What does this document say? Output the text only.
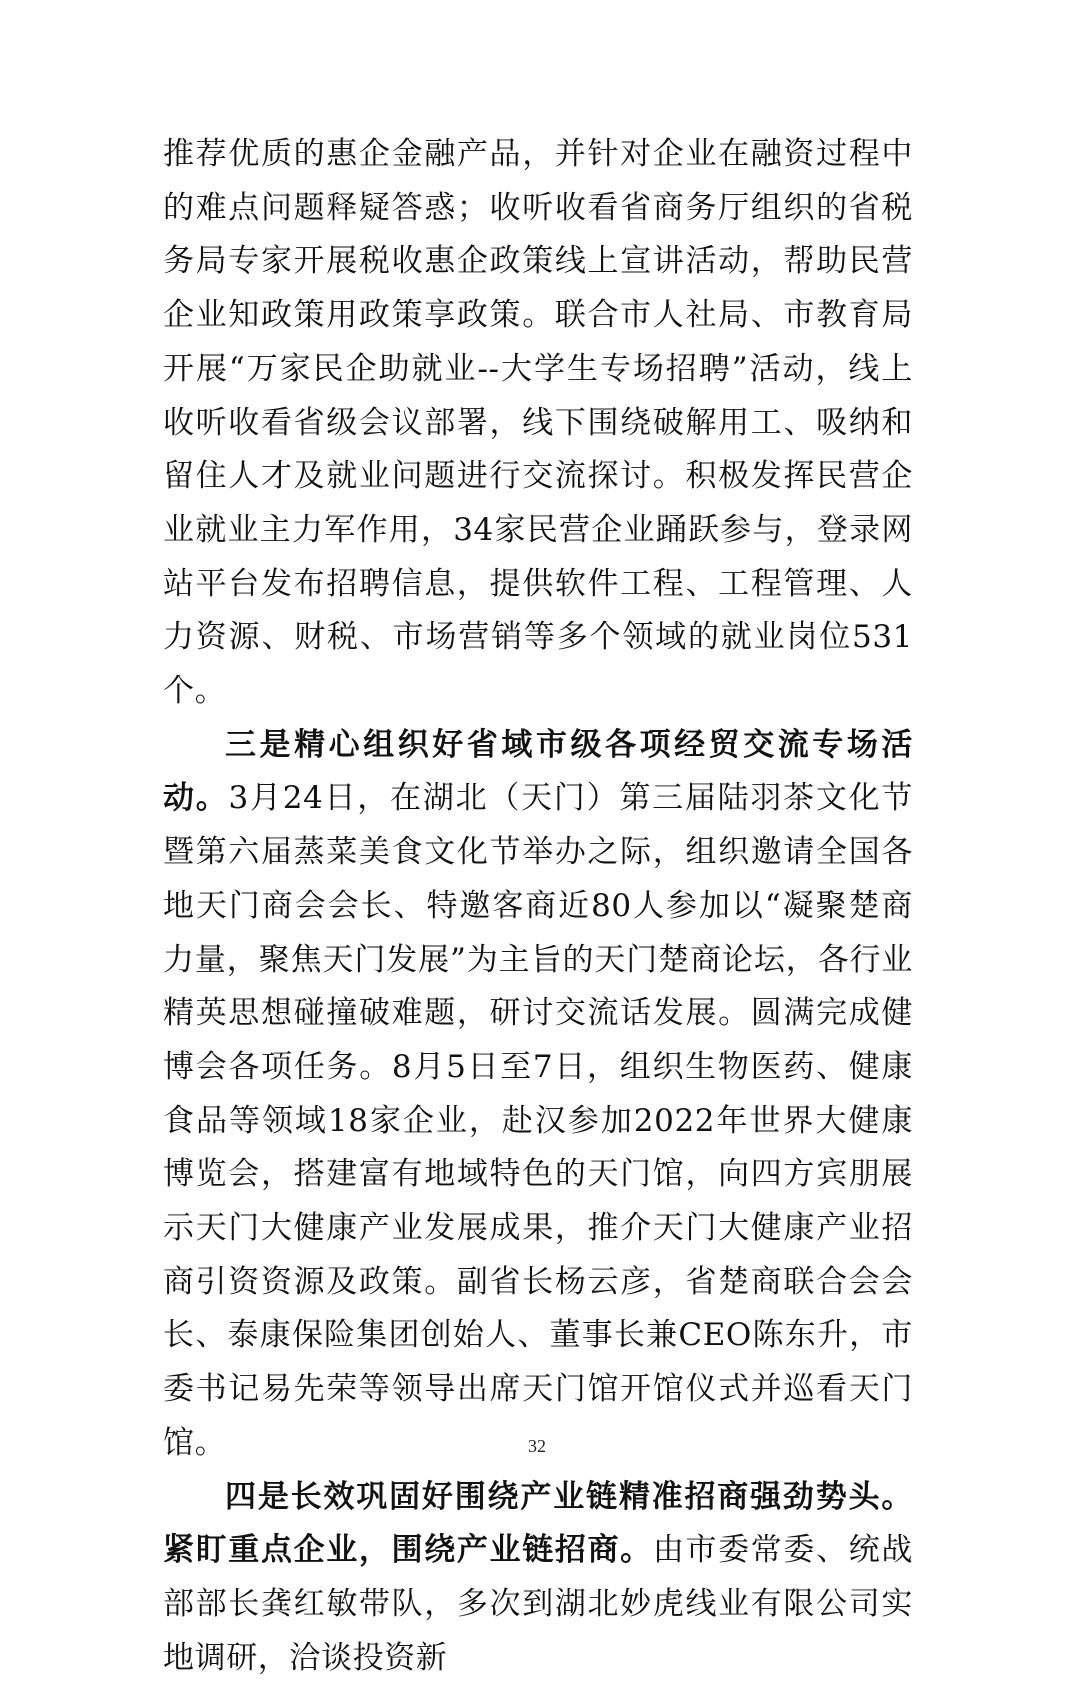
推荐优质的惠企金融产品，并针对企业在融资过程中的难点问题释疑答惑；收听收看省商务厅组织的省税务局专家开展税收惠企政策线上宣讲活动，帮助民营企业知政策用政策享政策。联合市人社局、市教育局开展“万家民企助就业--大学生专场招聘”活动，线上收听收看省级会议部署，线下围绕破解用工、吸纳和留住人才及就业问题进行交流探讨。积极发挥民营企业就业主力军作用，34家民营企业踊跃参与，登录网站平台发布招聘信息，提供软件工程、工程管理、人力资源、财税、市场营销等多个领域的就业岗位531个。

三是精心组织好省域市级各项经贸交流专场活动。3月24日，在湖北（天门）第三届陆羽茶文化节暨第六届蒸菜美食文化节举办之际，组织邀请全国各地天门商会会长、特邀客商近80人参加以“凝聚楚商力量，聚焦天门发展”为主旨的天门楚商论坛，各行业精英思想碰撞破难题，研讨交流话发展。圆满完成健博会各项任务。8月5日至7日，组织生物医药、健康食品等领域18家企业，赴汉参加2022年世界大健康博览会，搭建富有地域特色的天门馆，向四方宾朋展示天门大健康产业发展成果，推介天门大健康产业招商引资资源及政策。副省长杨云彦，省楚商联合会会长、泰康保险集团创始人、董事长兼CEO陈东升，市委书记易先荣等领导出席天门馆开馆仪式并巡看天门馆。

四是长效巩固好围绕产业链精准招商强劲势头。紧盯重点企业，围绕产业链招商。由市委常委、统战部部长龚红敏带队，多次到湖北妙虎线业有限公司实地调研，洽谈投资新

32
